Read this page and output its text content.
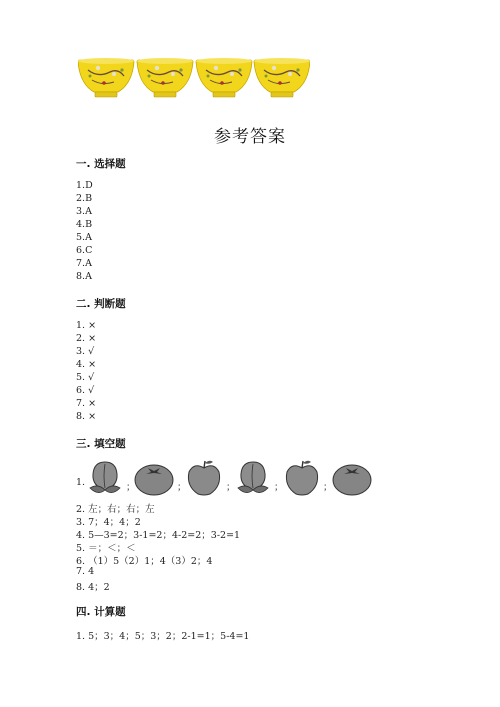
参考答案
一. 选择题
1.D
2.B
3.A
4.B
5.A
6.C
7.A
8.A
二. 判断题
1. ×
2. ×
3. √
4. ×
5. √
6. √
7. ×
8. ×
三. 填空题
1.	；	；	；	；	；
2. 左；右；右；左
3. 7；4；4；2
4. 5—3=2；3-1=2；4-2=2；3-2=1
5. ＝；＜；＜
6. （1）5（2）1；4（3）2；4
7. 4
8. 4；2
四. 计算题
1. 5；3；4；5；3；2；2-1=1；5-4=1
